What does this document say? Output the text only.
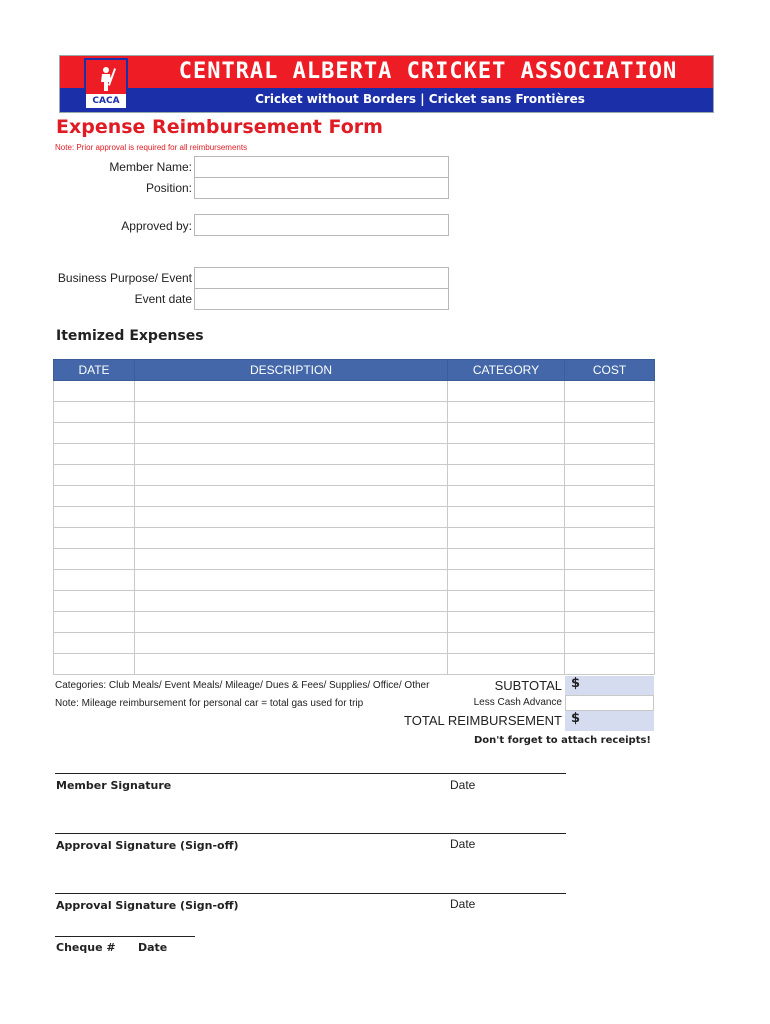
CACA
CENTRAL ALBERTA CRICKET ASSOCIATION
Cricket without Borders | Cricket sans Frontières
Expense Reimbursement Form
Note: Prior approval is required for all reimbursements
Member Name:
Position:
Approved by:
Business Purpose/ Event
Event date
Itemized Expenses
DATE	DESCRIPTION	CATEGORY	COST

Categories: Club Meals/ Event Meals/ Mileage/ Dues & Fees/ Supplies/ Office/ Other
Note: Mileage reimbursement for personal car = total gas used for trip
SUBTOTAL $
Less Cash Advance
TOTAL REIMBURSEMENT $
Don't forget to attach receipts!
Member Signature	Date
Approval Signature (Sign-off)	Date
Approval Signature (Sign-off)	Date
Cheque # Date
